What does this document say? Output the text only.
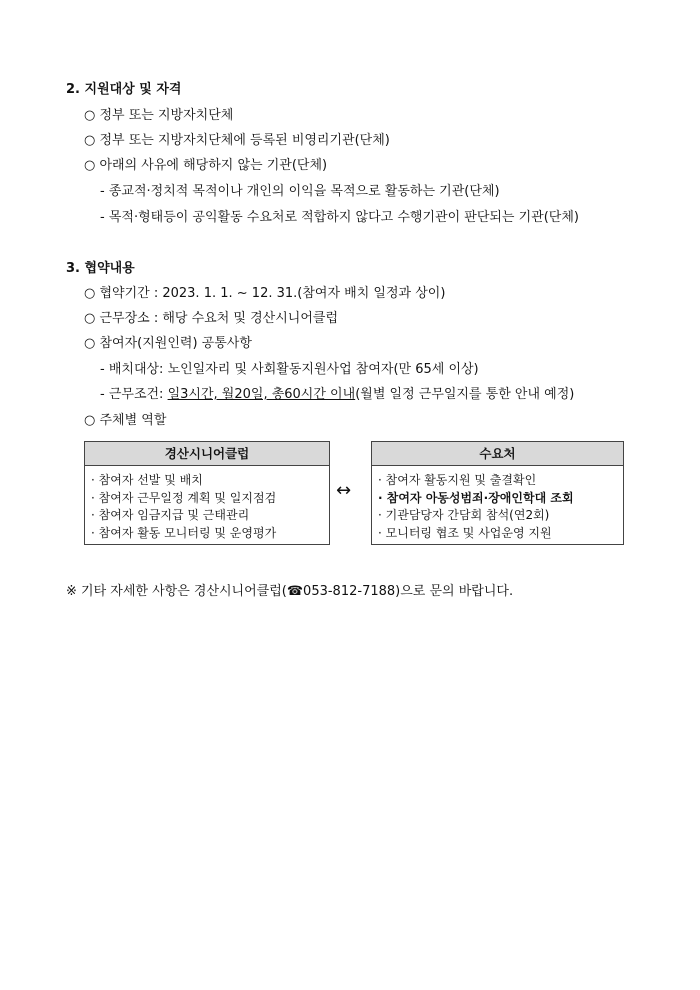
2. 지원대상 및 자격
○ 정부 또는 지방자치단체
○ 정부 또는 지방자치단체에 등록된 비영리기관(단체)
○ 아래의 사유에 해당하지 않는 기관(단체)
- 종교적·정치적 목적이나 개인의 이익을 목적으로 활동하는 기관(단체)
- 목적·형태등이 공익활동 수요처로 적합하지 않다고 수행기관이 판단되는 기관(단체)
3. 협약내용
○ 협약기간 : 2023. 1. 1. ~ 12. 31.(참여자 배치 일정과 상이)
○ 근무장소 : 해당 수요처 및 경산시니어클럽
○ 참여자(지원인력) 공통사항
- 배치대상: 노인일자리 및 사회활동지원사업 참여자(만 65세 이상)
- 근무조건: 일3시간, 월20일, 총60시간 이내(월별 일정 근무일지를 통한 안내 예정)
○ 주체별 역할
경산시니어클럽
· 참여자 선발 및 배치
· 참여자 근무일정 계획 및 일지점검
· 참여자 임금지급 및 근태관리
· 참여자 활동 모니터링 및 운영평가
↔
수요처
· 참여자 활동지원 및 출결확인
· 참여자 아동성범죄·장애인학대 조회
· 기관담당자 간담회 참석(연2회)
· 모니터링 협조 및 사업운영 지원
※ 기타 자세한 사항은 경산시니어클럽(☎053-812-7188)으로 문의 바랍니다.
